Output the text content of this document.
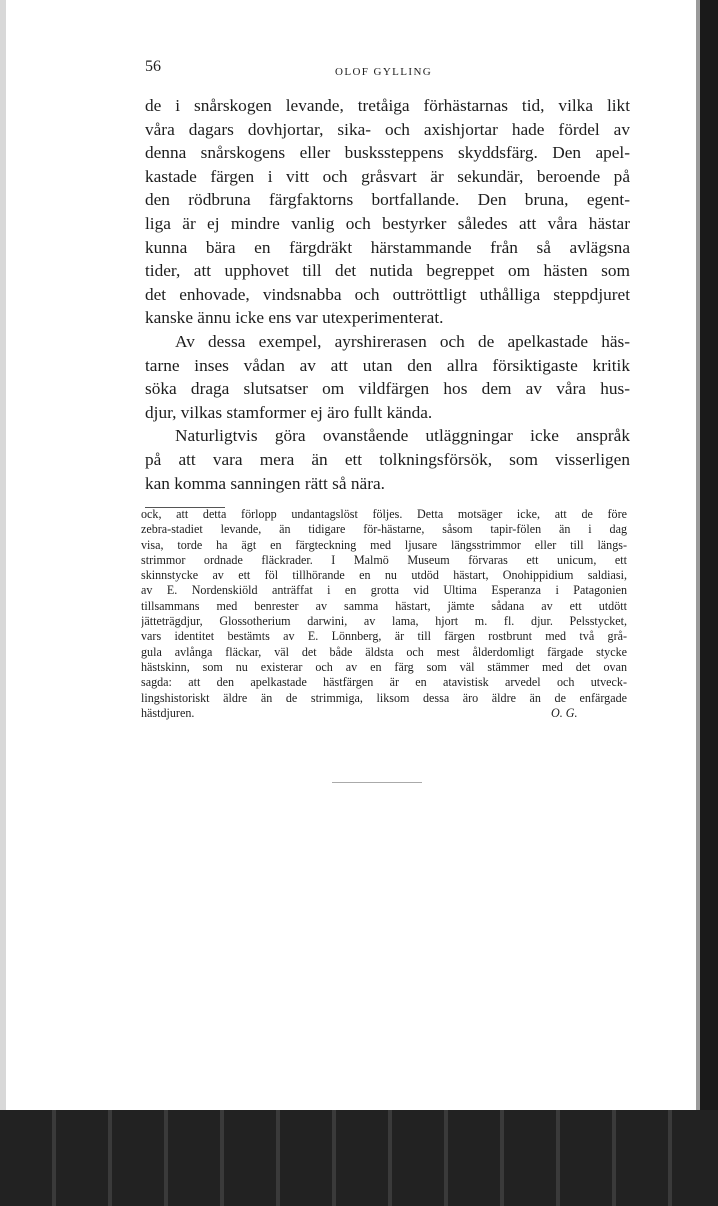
56	OLOF GYLLING
de i snårskogen levande, tretåiga förhästarnas tid, vilka likt
våra dagars dovhjortar, sika- och axishjortar hade fördel av
denna snårskogens eller buskssteppens skyddsfärg. Den apel-
kastade färgen i vitt och gråsvart är sekundär, beroende på
den rödbruna färgfaktorns bortfallande. Den bruna, egent-
liga är ej mindre vanlig och bestyrker således att våra hästar
kunna bära en färgdräkt härstammande från så avlägsna
tider, att upphovet till det nutida begreppet om hästen som
det enhovade, vindsnabba och outtröttligt uthålliga steppdjuret
kanske ännu icke ens var utexperimenterat.
Av dessa exempel, ayrshirerasen och de apelkastade häs-
tarne inses vådan av att utan den allra försiktigaste kritik
söka draga slutsatser om vildfärgen hos dem av våra hus-
djur, vilkas stamformer ej äro fullt kända.
Naturligtvis göra ovanstående utläggningar icke anspråk
på att vara mera än ett tolkningsförsök, som visserligen
kan komma sanningen rätt så nära.
ock, att detta förlopp undantagslöst följes. Detta motsäger icke, att de före
zebra-stadiet levande, än tidigare för-hästarne, såsom tapir-fölen än i dag
visa, torde ha ägt en färgteckning med ljusare längsstrimmor eller till längs-
strimmor ordnade fläckrader. I Malmö Museum förvaras ett unicum, ett
skinnstycke av ett föl tillhörande en nu utdöd hästart, Onohippidium saldiasi,
av E. Nordenskiöld anträffat i en grotta vid Ultima Esperanza i Patagonien
tillsammans med benrester av samma hästart, jämte sådana av ett utdött
jätteträgdjur, Glossotherium darwini, av lama, hjort m. fl. djur. Pelsstycket,
vars identitet bestämts av E. Lönnberg, är till färgen rostbrunt med två grå-
gula avlånga fläckar, väl det både äldsta och mest ålderdomligt färgade stycke
hästskinn, som nu existerar och av en färg som väl stämmer med det ovan
sagda: att den apelkastade hästfärgen är en atavistisk arvedel och utveck-
lingshistoriskt äldre än de strimmiga, liksom dessa äro äldre än de enfärgade
hästdjuren.	O. G.
